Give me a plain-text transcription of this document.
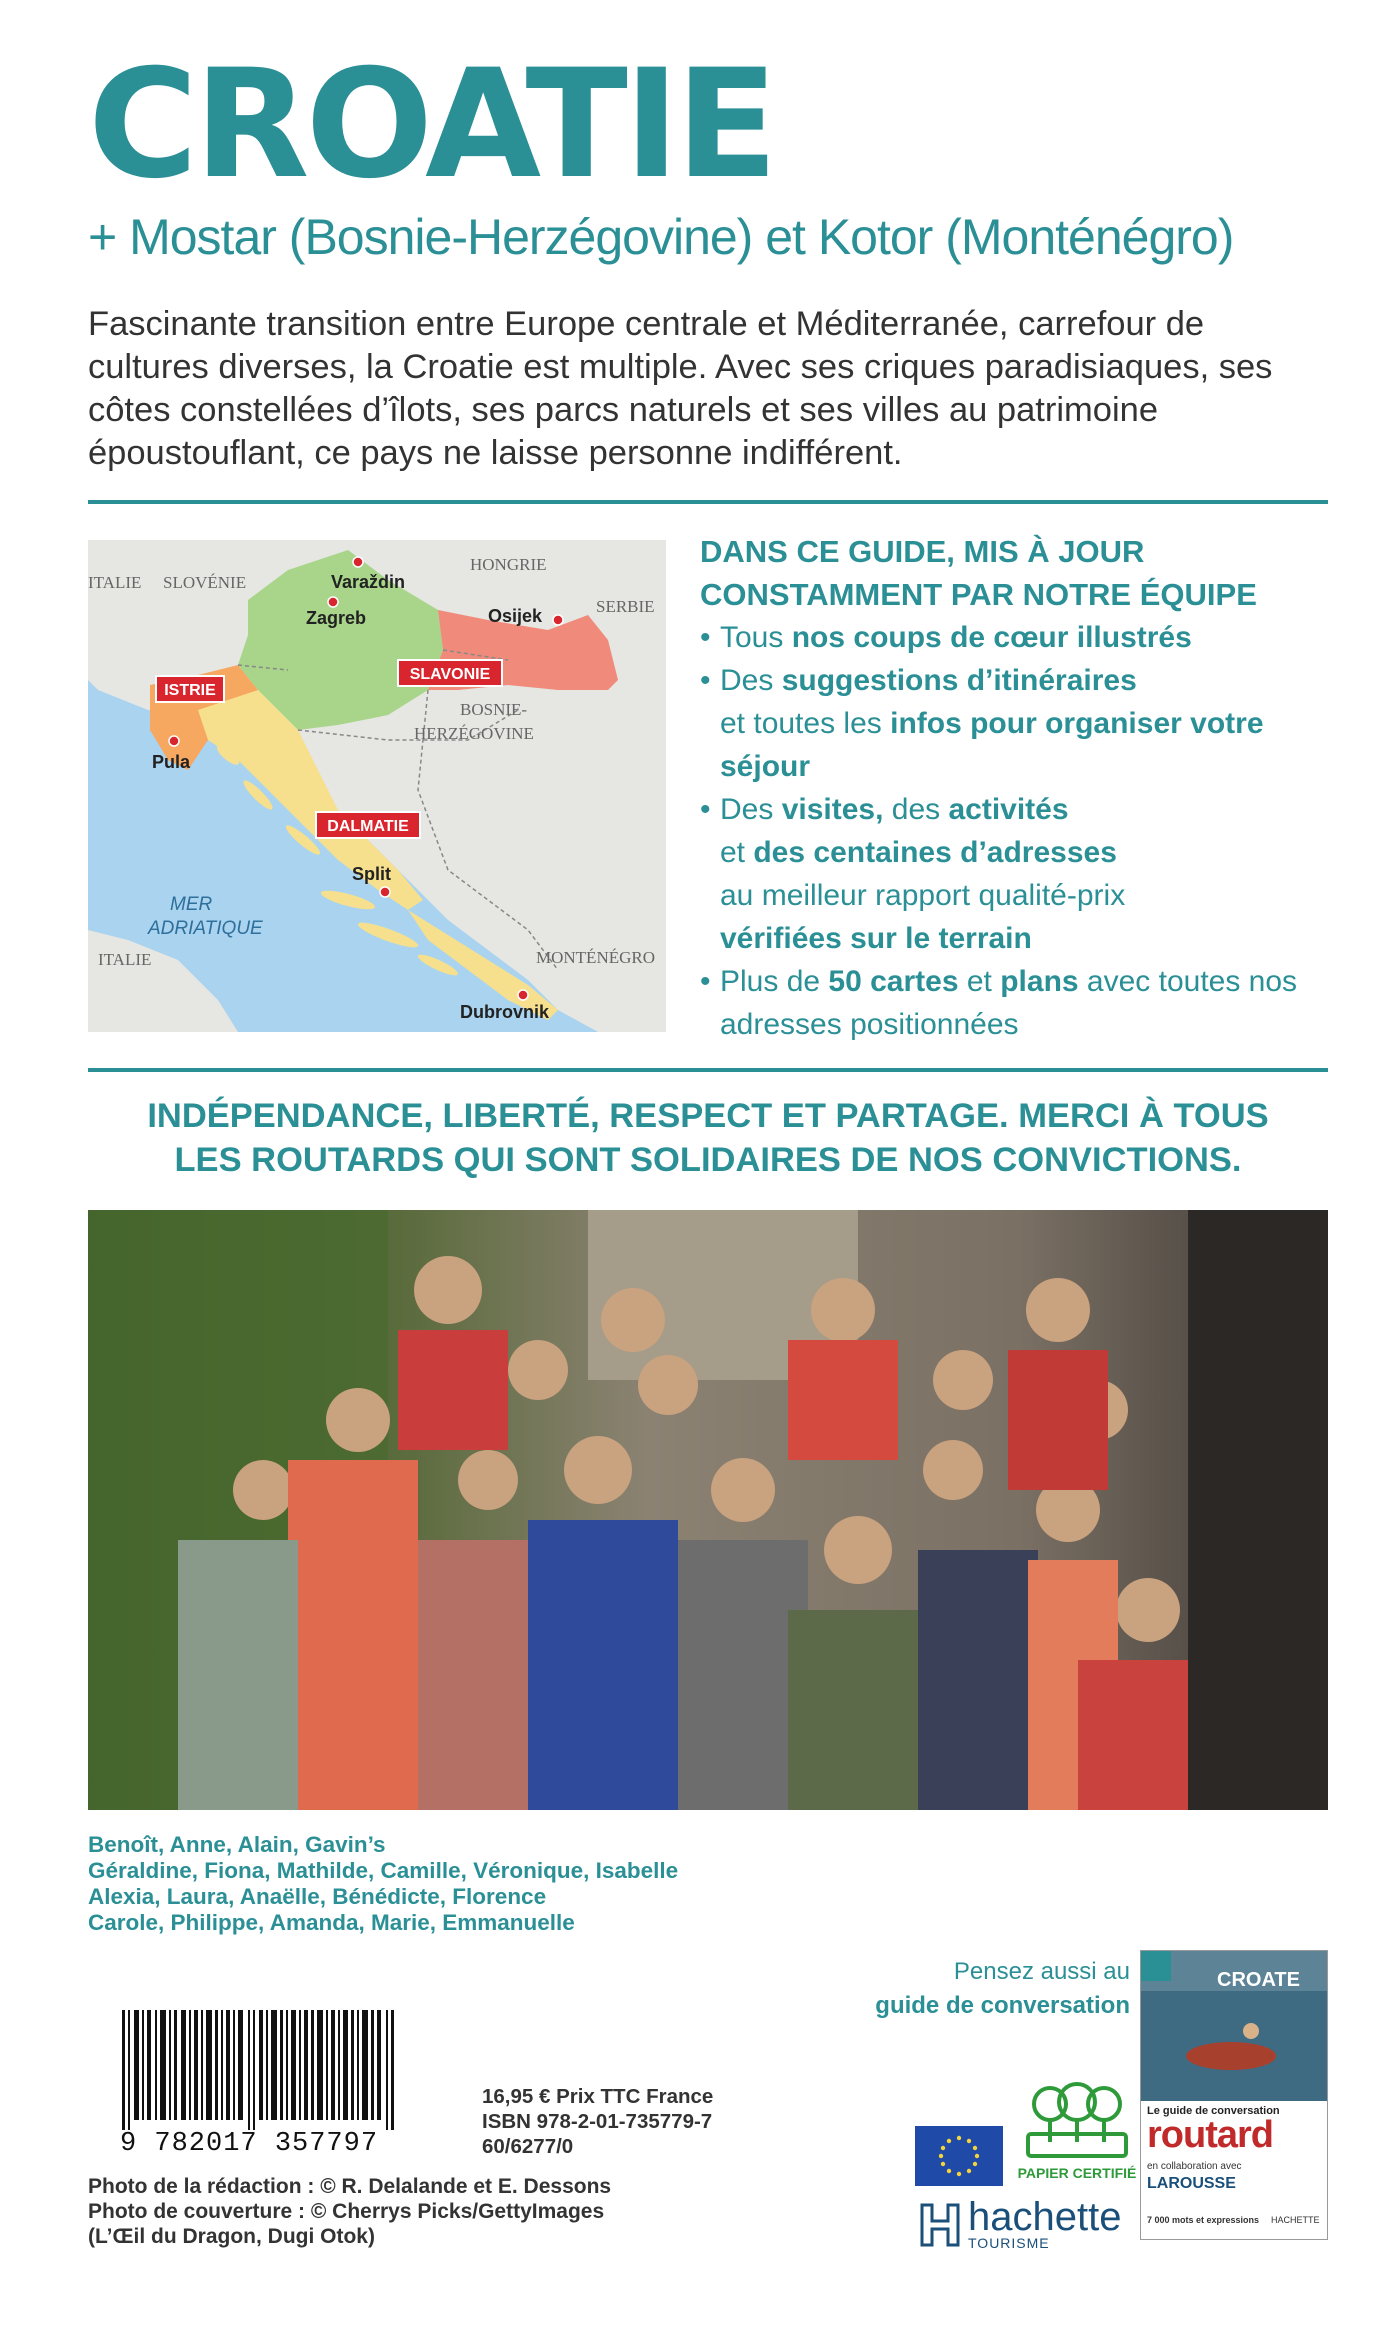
CROATIE
+ Mostar (Bosnie-Herzégovine) et Kotor (Monténégro)
Fascinante transition entre Europe centrale et Méditerranée, carrefour de cultures diverses, la Croatie est multiple. Avec ses criques paradisiaques, ses côtes constellées d’îlots, ses parcs naturels et ses villes au patrimoine époustouflant, ce pays ne laisse personne indifférent.
ITALIE SLOVÉNIE
HONGRIE
SERBIE
BOSNIE-
HERZÉGOVINE
MONTÉNÉGRO
ITALIE
MER
ADRIATIQUE
Varaždin
Zagreb	Osijek
Pula
Split
Dubrovnik
ISTRIE
SLAVONIE
DALMATIE
DANS CE GUIDE, MIS À JOUR
CONSTAMMENT PAR NOTRE ÉQUIPE
• Tous nos coups de cœur illustrés
• Des suggestions d’itinéraires
et toutes les infos pour organiser votre séjour
• Des visites, des activités
et des centaines d’adresses
au meilleur rapport qualité-prix
vérifiées sur le terrain
• Plus de 50 cartes et plans avec toutes nos adresses positionnées
INDÉPENDANCE, LIBERTÉ, RESPECT ET PARTAGE. MERCI À TOUS
LES ROUTARDS QUI SONT SOLIDAIRES DE NOS CONVICTIONS.
Benoît, Anne, Alain, Gavin’s
Géraldine, Fiona, Mathilde, Camille, Véronique, Isabelle
Alexia, Laura, Anaëlle, Bénédicte, Florence
Carole, Philippe, Amanda, Marie, Emmanuelle
9 782017 357797
16,95 € Prix TTC France
ISBN 978-2-01-735779-7
60/6277/0
Photo de la rédaction : © R. Delalande et E. Dessons
Photo de couverture : © Cherrys Picks/GettyImages
(L’Œil du Dragon, Dugi Otok)
Pensez aussi au
guide de conversation
PAPIER CERTIFIÉ
hachette
TOURISME
CROATE
Le guide de conversation
routard
en collaboration avec
LAROUSSE
7 000 mots et expressions HACHETTE
